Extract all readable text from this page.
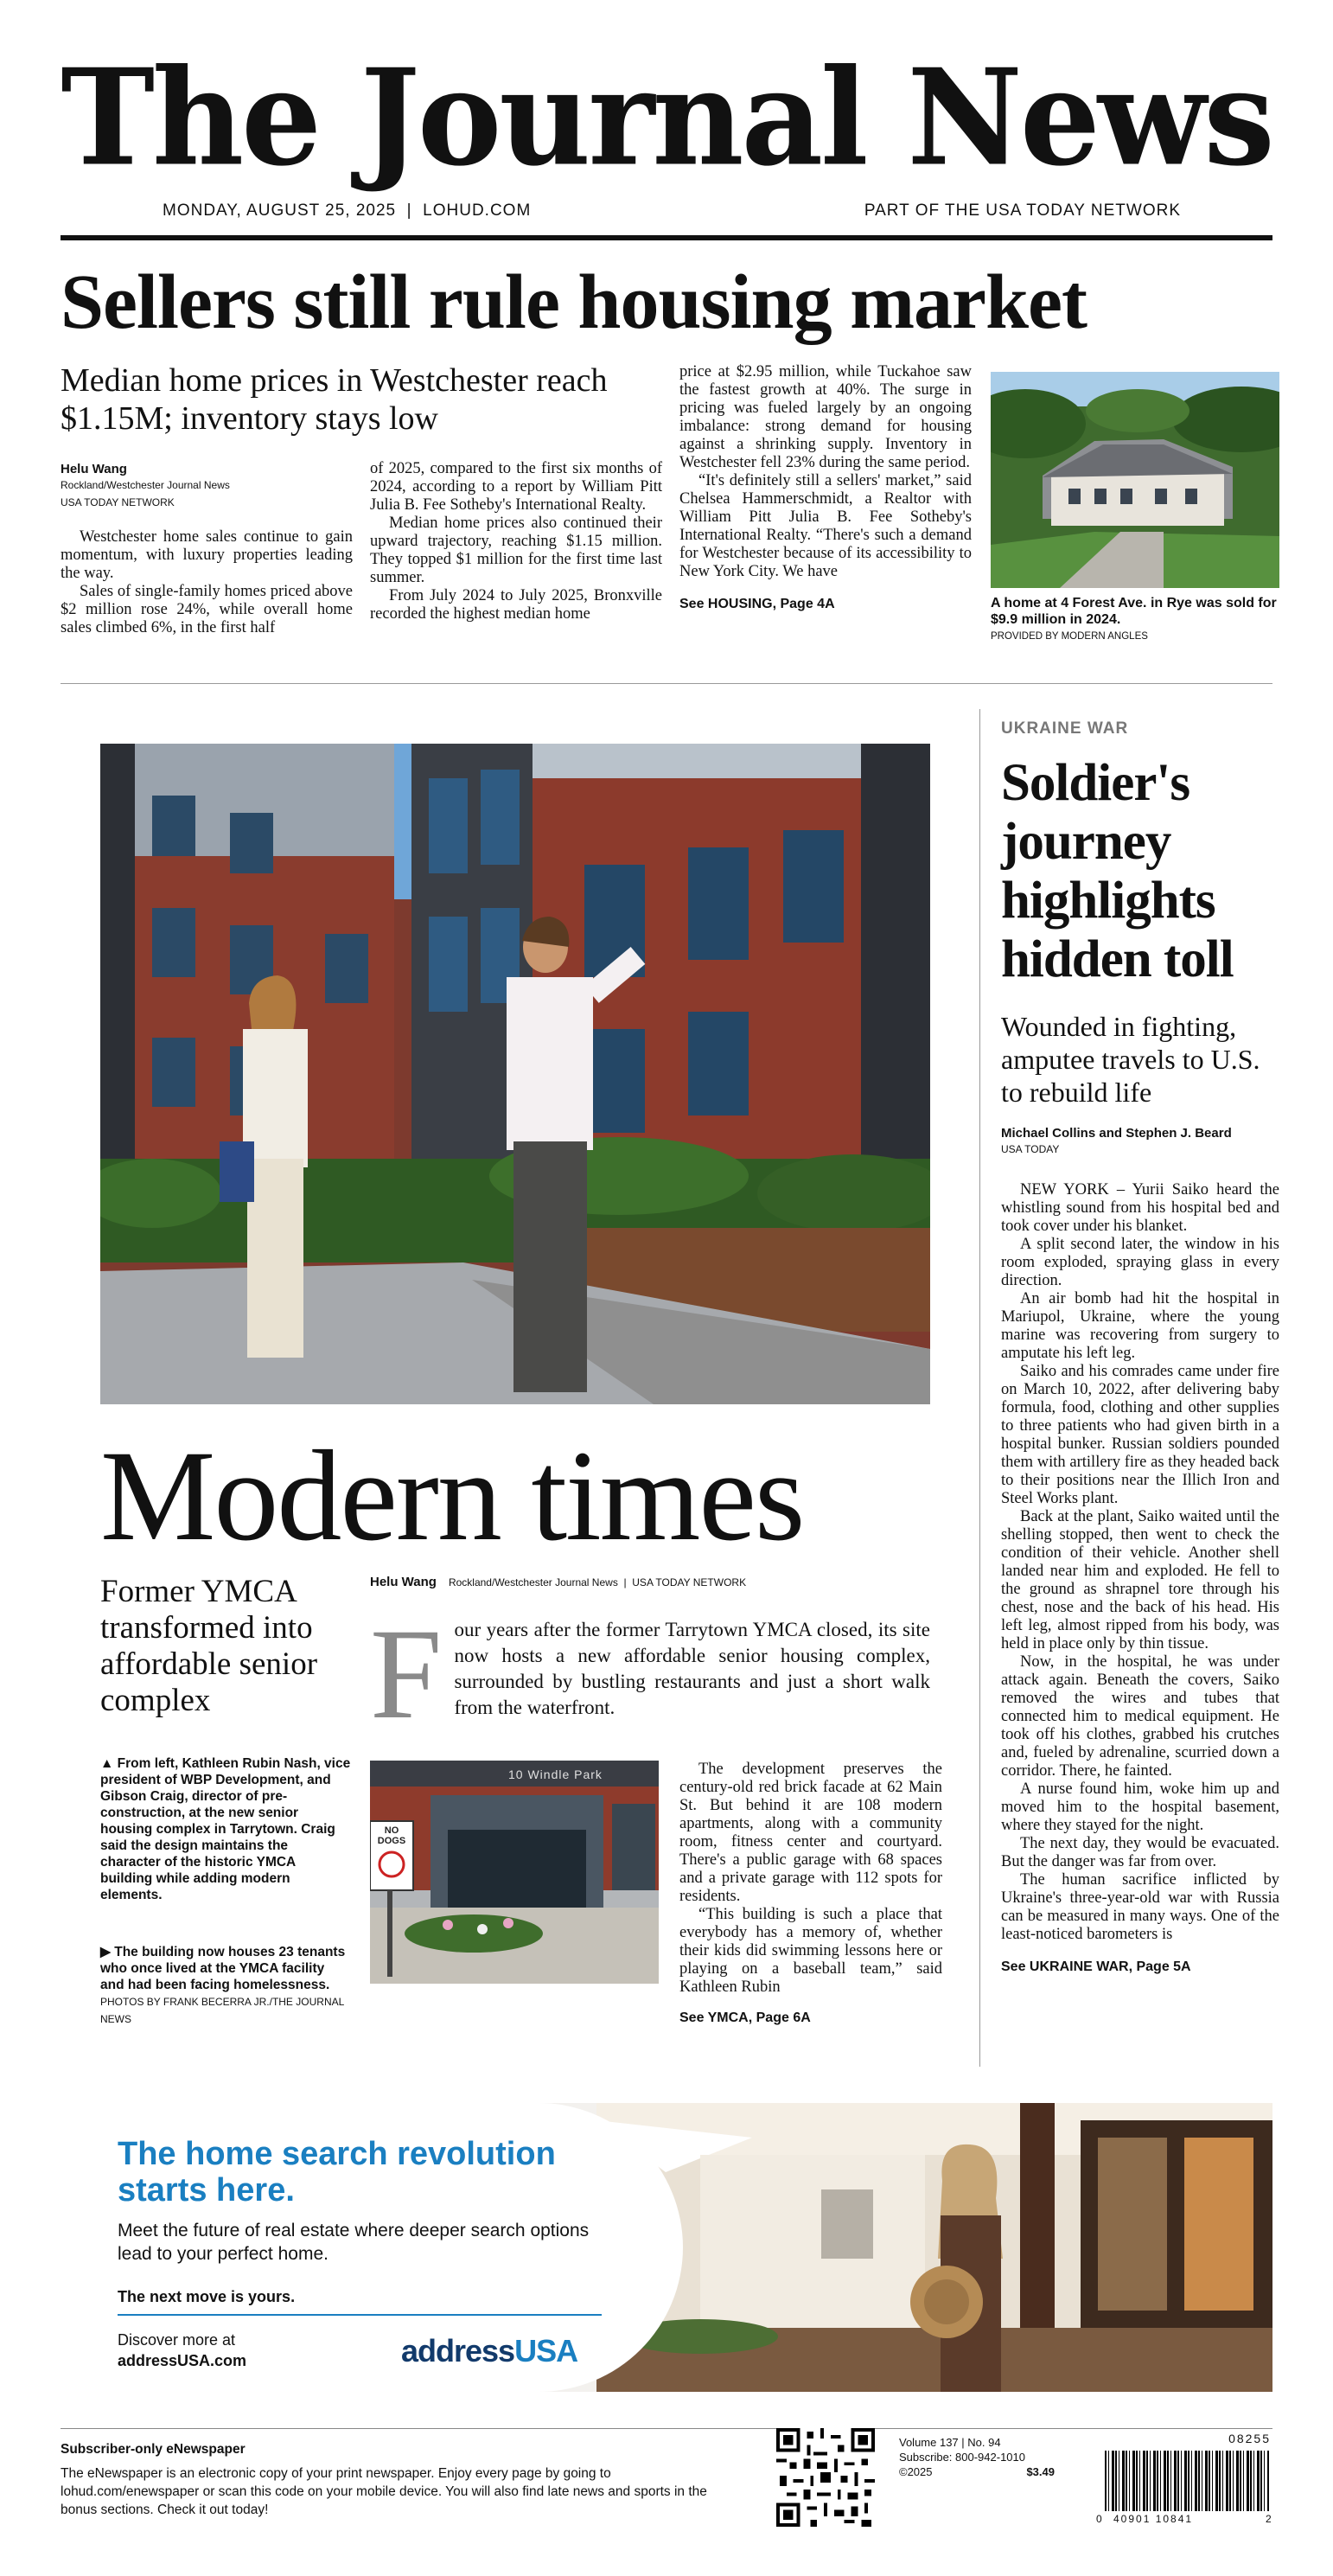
The Journal News
MONDAY, AUGUST 25, 2025  |  LOHUD.COM	PART OF THE USA TODAY NETWORK
Sellers still rule housing market
Median home prices in Westchester reach $1.15M; inventory stays low
Helu Wang
Rockland/Westchester Journal News
USA TODAY NETWORK

Westchester home sales continue to gain momentum, with luxury properties leading the way.

Sales of single-family homes priced above $2 million rose 24%, while overall home sales climbed 6%, in the first half

of 2025, compared to the first six months of 2024, according to a report by William Pitt Julia B. Fee Sotheby's International Realty.

Median home prices also continued their upward trajectory, reaching $1.15 million. They topped $1 million for the first time last summer.

From July 2024 to July 2025, Bronxville recorded the highest median home

price at $2.95 million, while Tuckahoe saw the fastest growth at 40%. The surge in pricing was fueled largely by an ongoing imbalance: strong demand for housing against a shrinking supply. Inventory in Westchester fell 23% during the same period.

“It's definitely still a sellers' market,” said Chelsea Hammerschmidt, a Realtor with William Pitt Julia B. Fee Sotheby's International Realty. “There's such a demand for Westchester because of its accessibility to New York City. We have

See HOUSING, Page 4A	A home at 4 Forest Ave. in Rye was sold for $9.9 million in 2024.
PROVIDED BY MODERN ANGLES
Modern times
Former YMCA transformed into affordable senior complex
▲ From left, Kathleen Rubin Nash, vice president of WBP Development, and Gibson Craig, director of pre-construction, at the new senior housing complex in Tarrytown. Craig said the design maintains the character of the historic YMCA building while adding modern elements.
▶ The building now houses 23 tenants who once lived at the YMCA facility and had been facing homelessness. PHOTOS BY FRANK BECERRA JR./THE JOURNAL NEWS
Helu Wang Rockland/Westchester Journal News  |  USA TODAY NETWORK
F our years after the former Tarrytown YMCA closed, its site now hosts a new affordable senior housing complex, surrounded by bustling restaurants and just a short walk from the waterfront.
NO DOGS
10 Windle Park	The development preserves the century-old red brick facade at 62 Main St. But behind it are 108 modern apartments, along with a community room, fitness center and courtyard. There's a public garage with 68 spaces and a private garage with 112 spots for residents.

“This building is such a place that everybody has a memory of, whether their kids did swimming lessons here or playing on a baseball team,” said Kathleen Rubin

See YMCA, Page 6A
UKRAINE WAR
Soldier's journey highlights hidden toll
Wounded in fighting, amputee travels to U.S. to rebuild life
Michael Collins and Stephen J. Beard
USA TODAY

NEW YORK – Yurii Saiko heard the whistling sound from his hospital bed and took cover under his blanket.

A split second later, the window in his room exploded, spraying glass in every direction.

An air bomb had hit the hospital in Mariupol, Ukraine, where the young marine was recovering from surgery to amputate his left leg.

Saiko and his comrades came under fire on March 10, 2022, after delivering baby formula, food, clothing and other supplies to three patients who had given birth in a hospital bunker. Russian soldiers pounded them with artillery fire as they headed back to their positions near the Illich Iron and Steel Works plant.

Back at the plant, Saiko waited until the shelling stopped, then went to check the condition of their vehicle. Another shell landed near him and exploded. He fell to the ground as shrapnel tore through his chest, nose and the back of his head. His left leg, almost ripped from his body, was held in place only by thin tissue.

Now, in the hospital, he was under attack again. Beneath the covers, Saiko removed the wires and tubes that connected him to medical equipment. He took off his clothes, grabbed his crutches and, fueled by adrenaline, scurried down a corridor. There, he fainted.

A nurse found him, woke him up and moved him to the hospital basement, where they stayed for the night.

The next day, they would be evacuated. But the danger was far from over.

The human sacrifice inflicted by Ukraine's three-year-old war with Russia can be measured in many ways. One of the least-noticed barometers is

See UKRAINE WAR, Page 5A
The home search revolution starts here.
Meet the future of real estate where deeper search options lead to your perfect home.
The next move is yours.
Discover more at
addressUSA.com	addressUSA
Subscriber-only eNewspaper
The eNewspaper is an electronic copy of your print newspaper. Enjoy every page by going to lohud.com/enewspaper or scan this code on your mobile device. You will also find late news and sports in the bonus sections. Check it out today!
Volume 137 | No. 94
Subscribe: 800-942-1010
©2025	$3.49
08255
0 40901 10841	2
